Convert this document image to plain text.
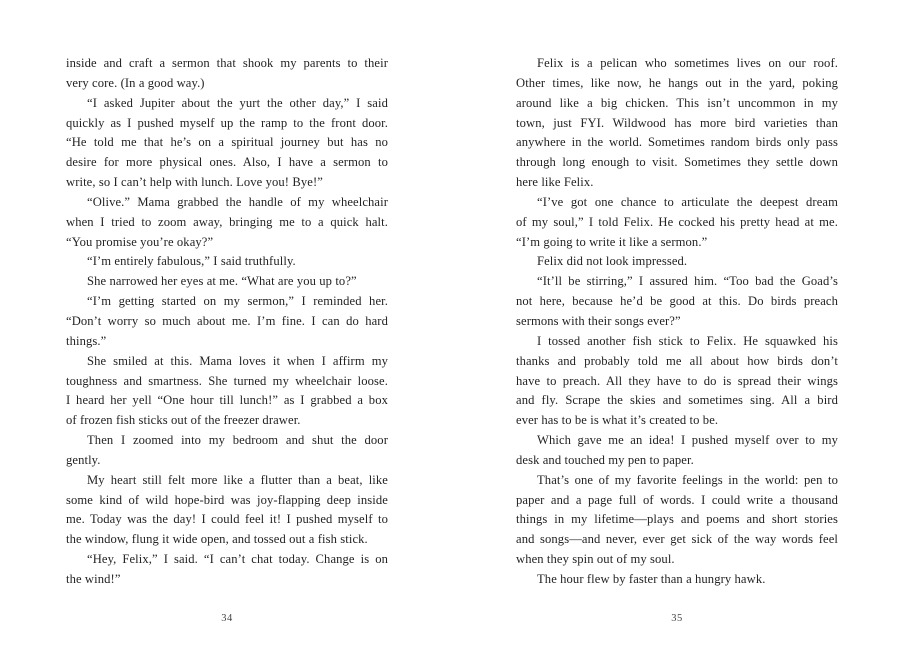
inside and craft a sermon that shook my parents to their
very core. (In a good way.)
“I asked Jupiter about the yurt the other day,” I said
quickly as I pushed myself up the ramp to the front door.
“He told me that he’s on a spiritual journey but has no
desire for more physical ones. Also, I have a sermon to
write, so I can’t help with lunch. Love you! Bye!”
“Olive.” Mama grabbed the handle of my wheelchair
when I tried to zoom away, bringing me to a quick halt.
“You promise you’re okay?”
“I’m entirely fabulous,” I said truthfully.
She narrowed her eyes at me. “What are you up to?”
“I’m getting started on my sermon,” I reminded her.
“Don’t worry so much about me. I’m fine. I can do hard
things.”
She smiled at this. Mama loves it when I affirm my
toughness and smartness. She turned my wheelchair loose.
I heard her yell “One hour till lunch!” as I grabbed a box
of frozen fish sticks out of the freezer drawer.
Then I zoomed into my bedroom and shut the door
gently.
My heart still felt more like a flutter than a beat, like
some kind of wild hope-bird was joy-flapping deep inside
me. Today was the day! I could feel it! I pushed myself to
the window, flung it wide open, and tossed out a fish stick.
“Hey, Felix,” I said. “I can’t chat today. Change is on
the wind!”
Felix is a pelican who sometimes lives on our roof.
Other times, like now, he hangs out in the yard, poking
around like a big chicken. This isn’t uncommon in my
town, just FYI. Wildwood has more bird varieties than
anywhere in the world. Sometimes random birds only pass
through long enough to visit. Sometimes they settle down
here like Felix.
“I’ve got one chance to articulate the deepest dream
of my soul,” I told Felix. He cocked his pretty head at me.
“I’m going to write it like a sermon.”
Felix did not look impressed.
“It’ll be stirring,” I assured him. “Too bad the Goad’s
not here, because he’d be good at this. Do birds preach
sermons with their songs ever?”
I tossed another fish stick to Felix. He squawked his
thanks and probably told me all about how birds don’t
have to preach. All they have to do is spread their wings
and fly. Scrape the skies and sometimes sing. All a bird
ever has to be is what it’s created to be.
Which gave me an idea! I pushed myself over to my
desk and touched my pen to paper.
That’s one of my favorite feelings in the world: pen to
paper and a page full of words. I could write a thousand
things in my lifetime—plays and poems and short stories
and songs—and never, ever get sick of the way words feel
when they spin out of my soul.
The hour flew by faster than a hungry hawk.
34	35
